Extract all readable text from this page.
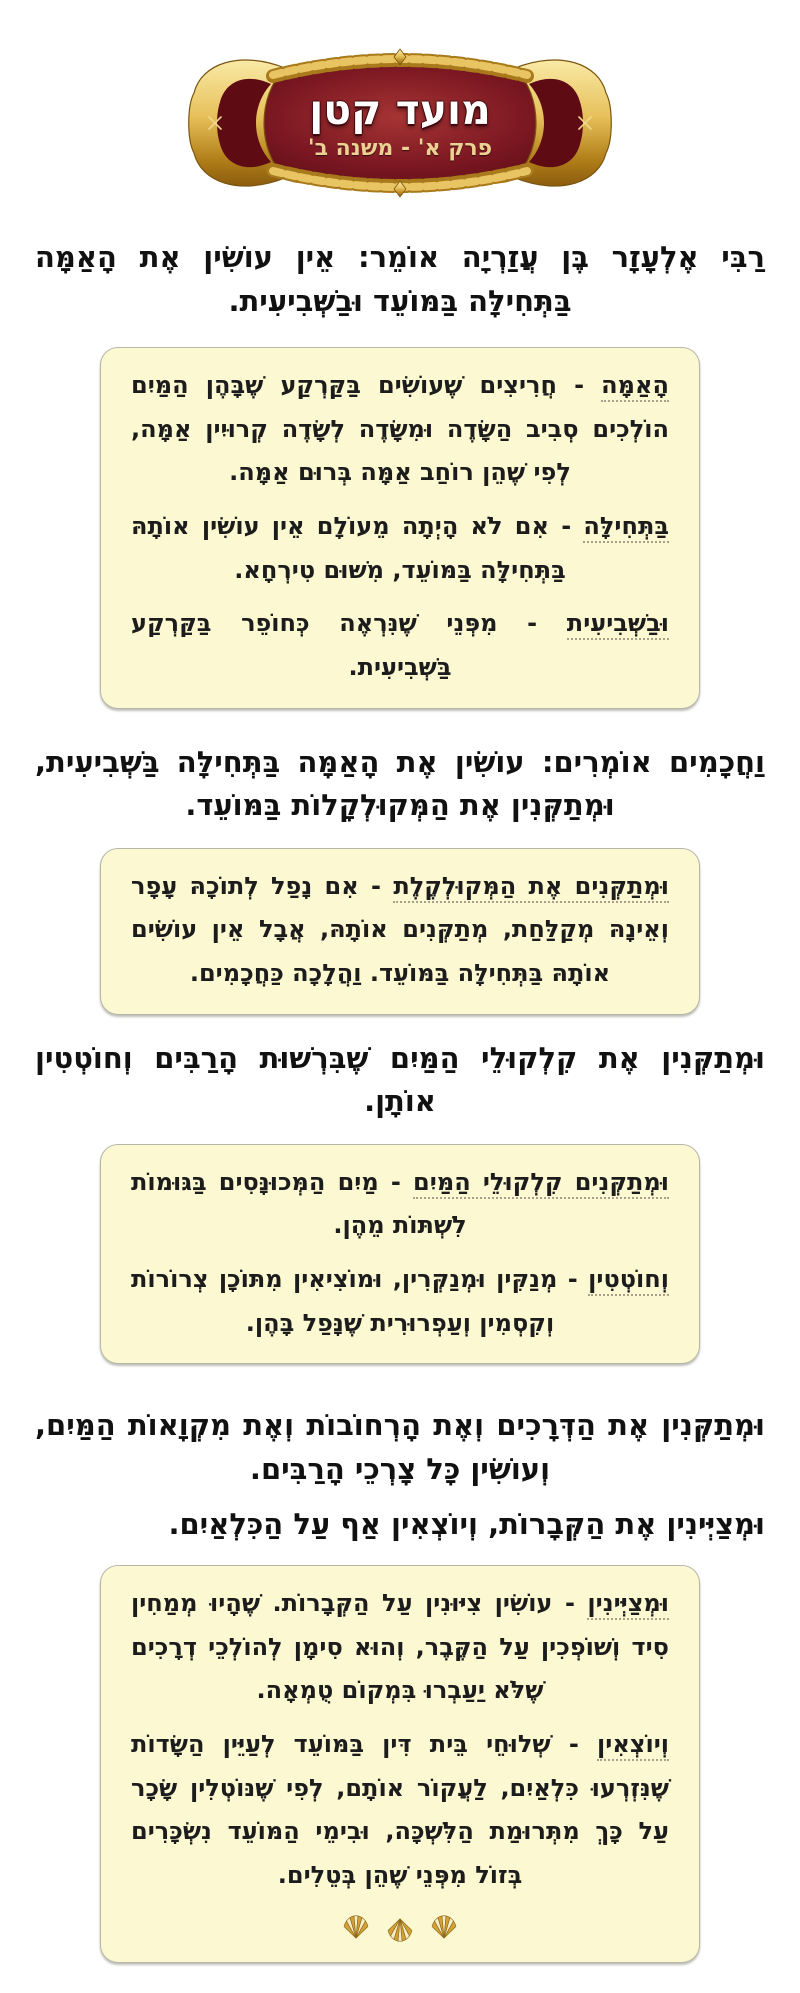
מועד קטן
פרק א' - משנה ב'

רַבִּי אֶלְעָזָר בֶּן עֲזַרְיָה אוֹמֵר: אֵין עוֹשִׂין אֶת הָאַמָּה בַּתְּחִילָּה בַּמּוֹעֵד וּבַשְּׁבִיעִית.

הָאַמָּה - חֲרִיצִים שֶׁעוֹשִׂים בַּקַּרְקַע שֶׁבָּהֶן הַמַּיִם הוֹלְכִים סְבִיב הַשָּׂדֶה וּמִשָּׂדֶה לְשָׂדֶה קְרוּיִין אַמָּה, לְפִי שֶׁהֵן רוֹחַב אַמָּה בְּרוּם אַמָּה.

בַּתְּחִילָּה - אִם לֹא הָיְתָה מֵעוֹלָם אֵין עוֹשִׂין אוֹתָהּ בַּתְּחִילָּה בַּמּוֹעֵד, מִשּׁוּם טִירְחָא.

וּבַשְּׁבִיעִית - מִפְּנֵי שֶׁנִּרְאֶה כְּחוֹפֵר בַּקַּרְקַע בַּשְּׁבִיעִית.

וַחֲכָמִים אוֹמְרִים: עוֹשִׂין אֶת הָאַמָּה בַּתְּחִילָּה בַּשְּׁבִיעִית, וּמְתַקְּנִין אֶת הַמְּקוּלְקָלוֹת בַּמּוֹעֵד.

וּמְתַקְּנִים אֶת הַמְּקוּלְקֶלֶת - אִם נָפַל לְתוֹכָהּ עָפָר וְאֵינָהּ מְקַלַּחַת, מְתַקְּנִים אוֹתָהּ, אֲבָל אֵין עוֹשִׂים אוֹתָהּ בַּתְּחִילָּה בַּמּוֹעֵד. וַהֲלָכָה כַּחֲכָמִים.

וּמְתַקְּנִין אֶת קִלְקוּלֵי הַמַּיִם שֶׁבִּרְשׁוּת הָרַבִּים וְחוֹטְטִין אוֹתָן.

וּמְתַקְּנִים קִלְקוּלֵי הַמַּיִם - מַיִם הַמְּכוּנָּסִים בַּגּוּמוֹת לִשְׁתּוֹת מֵהֶן.

וְחוֹטְטִין - מְנַקִּין וּמְנַקְּרִין, וּמוֹצִיאִין מִתּוֹכָן צְרוֹרוֹת וְקִסְמִין וְעַפְרוּרִית שֶׁנָּפַל בָּהֶן.

וּמְתַקְּנִין אֶת הַדְּרָכִים וְאֶת הָרְחוֹבוֹת וְאֶת מִקְוָאוֹת הַמַּיִם, וְעוֹשִׂין כָּל צָרְכֵי הָרַבִּים.

וּמְצַיְּינִין אֶת הַקְּבָרוֹת, וְיוֹצְאִין אַף עַל הַכִּלְאַיִם.

וּמְצַיְּינִין - עוֹשִׂין צִיּוּנִין עַל הַקְּבָרוֹת. שֶׁהָיוּ מְמַחִין סִיד וְשׁוֹפְכִין עַל הַקֶּבֶר, וְהוּא סִימָן לְהוֹלְכֵי דְרָכִים שֶׁלֹּא יַעַבְרוּ בִּמְקוֹם טֻמְאָה.

וְיוֹצְאִין - שְׁלוּחֵי בֵּית דִּין בַּמּוֹעֵד לְעַיֵּין הַשָּׂדוֹת שֶׁנִּזְרְעוּ כִּלְאַיִם, לַעֲקוֹר אוֹתָם, לְפִי שֶׁנּוֹטְלִין שָׂכָר עַל כָּךְ מִתְּרוּמַת הַלִּשְׁכָּה, וּבִימֵי הַמּוֹעֵד נִשְׂכָּרִים בְּזוֹל מִפְּנֵי שֶׁהֵן בְּטֵלִים.
